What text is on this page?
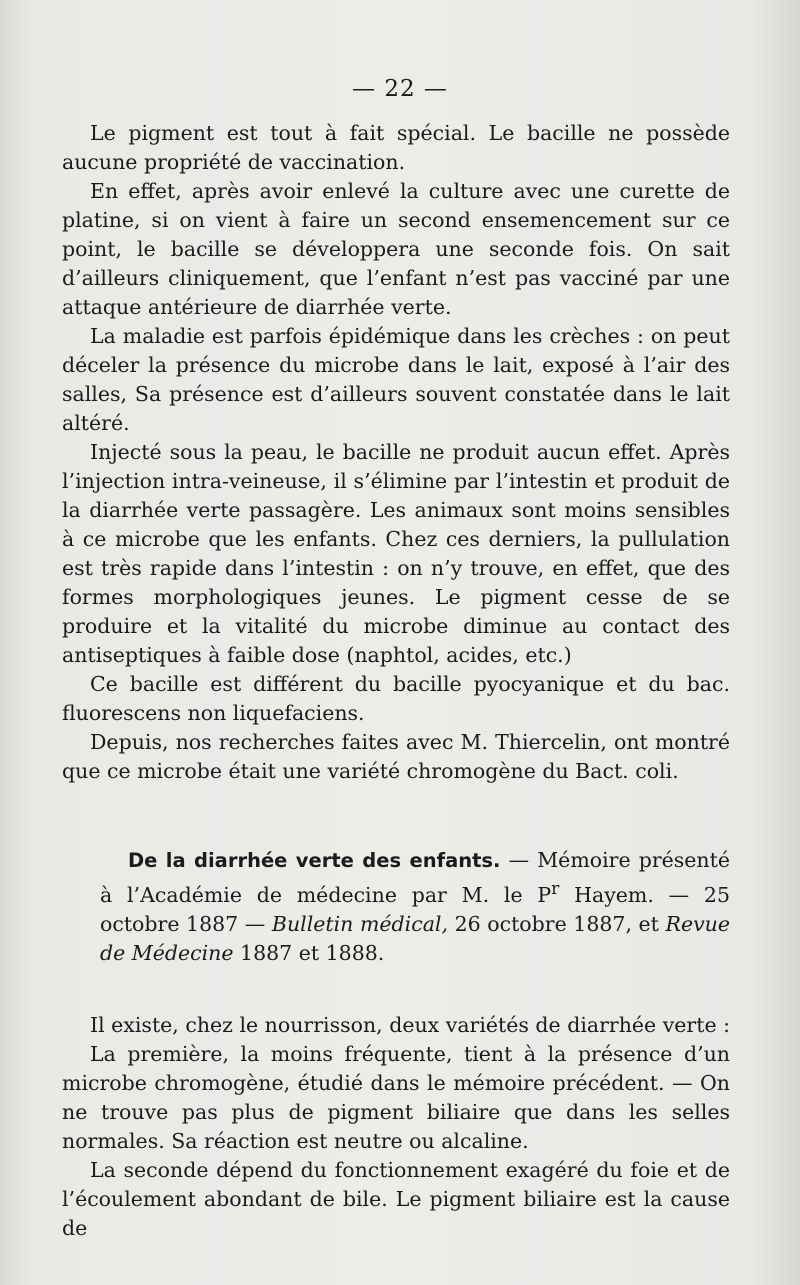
— 22 —

Le pigment est tout à fait spécial. Le bacille ne possède aucune propriété de vaccination.

En effet, après avoir enlevé la culture avec une curette de platine, si on vient à faire un second ensemencement sur ce point, le bacille se développera une seconde fois. On sait d’ailleurs cliniquement, que l’enfant n’est pas vacciné par une attaque antérieure de diarrhée verte.

La maladie est parfois épidémique dans les crèches : on peut déceler la présence du microbe dans le lait, exposé à l’air des salles, Sa présence est d’ailleurs souvent constatée dans le lait altéré.

Injecté sous la peau, le bacille ne produit aucun effet. Après l’injection intra-veineuse, il s’élimine par l’intestin et produit de la diarrhée verte passagère. Les animaux sont moins sensibles à ce microbe que les enfants. Chez ces derniers, la pullulation est très rapide dans l’intestin : on n’y trouve, en effet, que des formes morphologiques jeunes. Le pigment cesse de se produire et la vitalité du microbe diminue au contact des antiseptiques à faible dose (naphtol, acides, etc.)

Ce bacille est différent du bacille pyocyanique et du bac. fluorescens non liquefaciens.

Depuis, nos recherches faites avec M. Thiercelin, ont montré que ce microbe était une variété chromogène du Bact. coli.

De la diarrhée verte des enfants. — Mémoire présenté à l’Académie de médecine par M. le $P^r$ Hayem. — 25 octobre 1887 — Bulletin médical, 26 octobre 1887, et Revue de Médecine 1887 et 1888.

Il existe, chez le nourrisson, deux variétés de diarrhée verte :

La première, la moins fréquente, tient à la présence d’un microbe chromogène, étudié dans le mémoire précédent. — On ne trouve pas plus de pigment biliaire que dans les selles normales. Sa réaction est neutre ou alcaline.

La seconde dépend du fonctionnement exagéré du foie et de l’écoulement abondant de bile. Le pigment biliaire est la cause de
